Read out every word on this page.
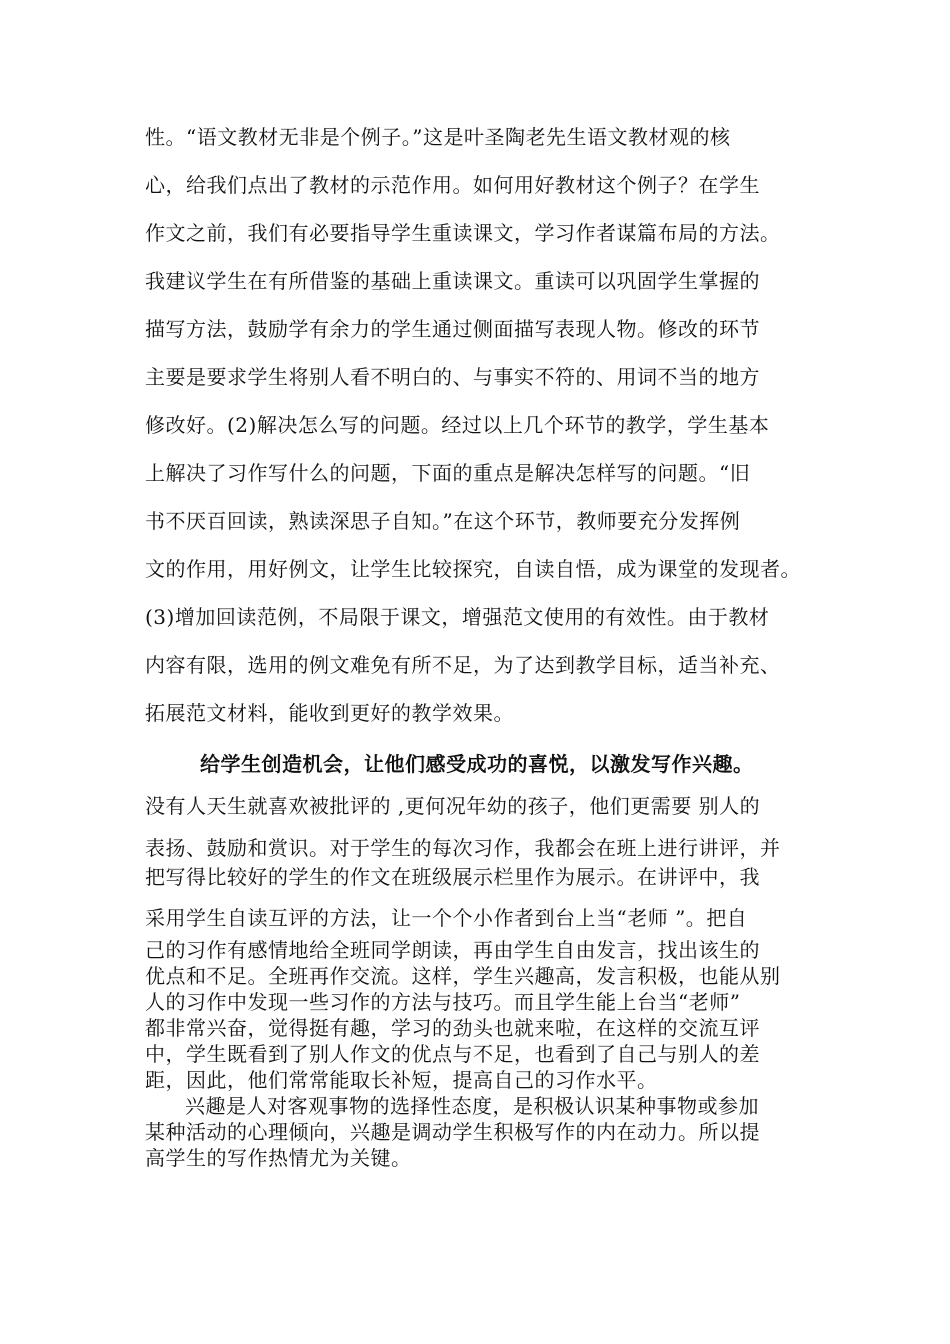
性。“语文教材无非是个例子。”这是叶圣陶老先生语文教材观的核
心，给我们点出了教材的示范作用。如何用好教材这个例子？在学生
作文之前，我们有必要指导学生重读课文，学习作者谋篇布局的方法。
我建议学生在有所借鉴的基础上重读课文。重读可以巩固学生掌握的
描写方法，鼓励学有余力的学生通过侧面描写表现人物。修改的环节
主要是要求学生将别人看不明白的、与事实不符的、用词不当的地方
修改好。(2)解决怎么写的问题。经过以上几个环节的教学，学生基本
上解决了习作写什么的问题，下面的重点是解决怎样写的问题。“旧
书不厌百回读，熟读深思子自知。”在这个环节，教师要充分发挥例
文的作用，用好例文，让学生比较探究，自读自悟，成为课堂的发现者。
(3)增加回读范例，不局限于课文，增强范文使用的有效性。由于教材
内容有限，选用的例文难免有所不足，为了达到教学目标，适当补充、
拓展范文材料，能收到更好的教学效果。
给学生创造机会，让他们感受成功的喜悦，以激发写作兴趣。
没有人天生就喜欢被批评的 ,更何况年幼的孩子，他们更需要 别人的
表扬、鼓励和赏识。对于学生的每次习作，我都会在班上进行讲评，并
把写得比较好的学生的作文在班级展示栏里作为展示。在讲评中，我
采用学生自读互评的方法，让一个个小作者到台上当“老师 ”。把自
己的习作有感情地给全班同学朗读，再由学生自由发言，找出该生的
优点和不足。全班再作交流。这样，学生兴趣高，发言积极，也能从别
人的习作中发现一些习作的方法与技巧。而且学生能上台当“老师”
都非常兴奋，觉得挺有趣，学习的劲头也就来啦，在这样的交流互评
中，学生既看到了别人作文的优点与不足，也看到了自己与别人的差
距，因此，他们常常能取长补短，提高自己的习作水平。
兴趣是人对客观事物的选择性态度，是积极认识某种事物或参加
某种活动的心理倾向，兴趣是调动学生积极写作的内在动力。所以提
高学生的写作热情尤为关键。
